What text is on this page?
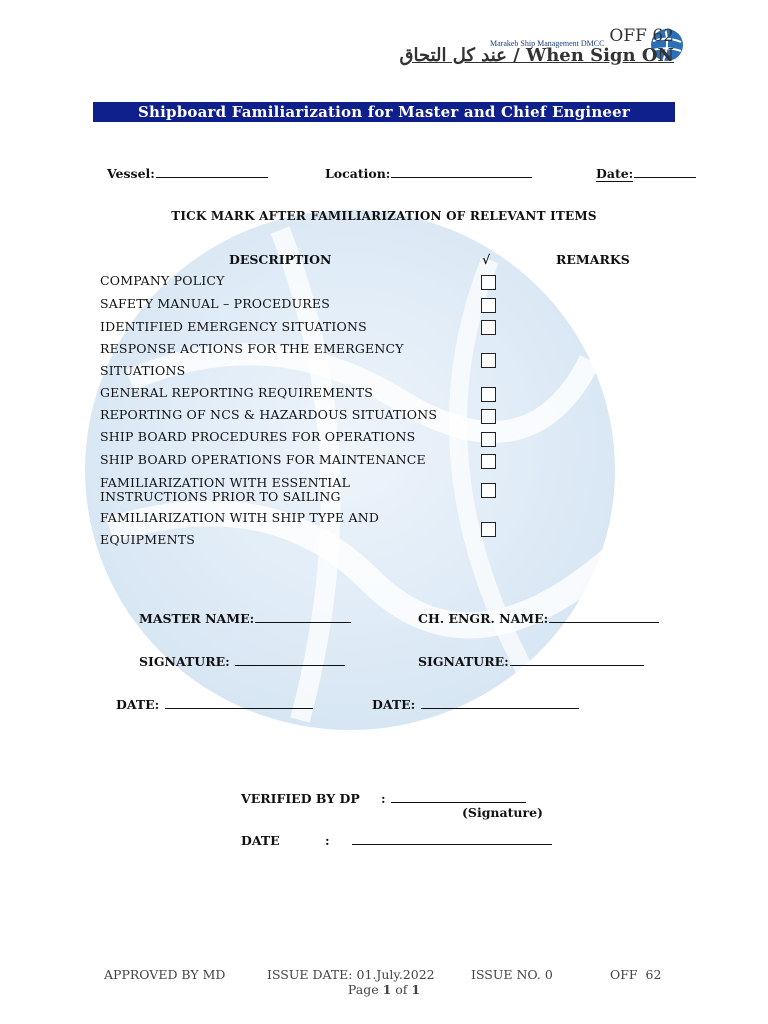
Marakeb Ship Management DMCC OFF 62
عند كل التحاق / When Sign ON
Shipboard Familiarization for Master and Chief Engineer
Vessel:	Location:	Date:
TICK MARK AFTER FAMILIARIZATION OF RELEVANT ITEMS
DESCRIPTION	√	REMARKS
COMPANY POLICY
SAFETY MANUAL – PROCEDURES
IDENTIFIED EMERGENCY SITUATIONS
RESPONSE ACTIONS FOR THE EMERGENCY SITUATIONS
GENERAL REPORTING REQUIREMENTS
REPORTING OF NCS & HAZARDOUS SITUATIONS
SHIP BOARD PROCEDURES FOR OPERATIONS
SHIP BOARD OPERATIONS FOR MAINTENANCE
FAMILIARIZATION WITH ESSENTIAL INSTRUCTIONS PRIOR TO SAILING
FAMILIARIZATION WITH SHIP TYPE AND EQUIPMENTS
MASTER NAME:	CH. ENGR. NAME:
SIGNATURE:	SIGNATURE:
DATE:	DATE:
VERIFIED BY DP :
(Signature)
DATE	:
APPROVED BY MD	ISSUE DATE: 01.July.2022	ISSUE NO. 0	OFF  62
Page 1 of 1
